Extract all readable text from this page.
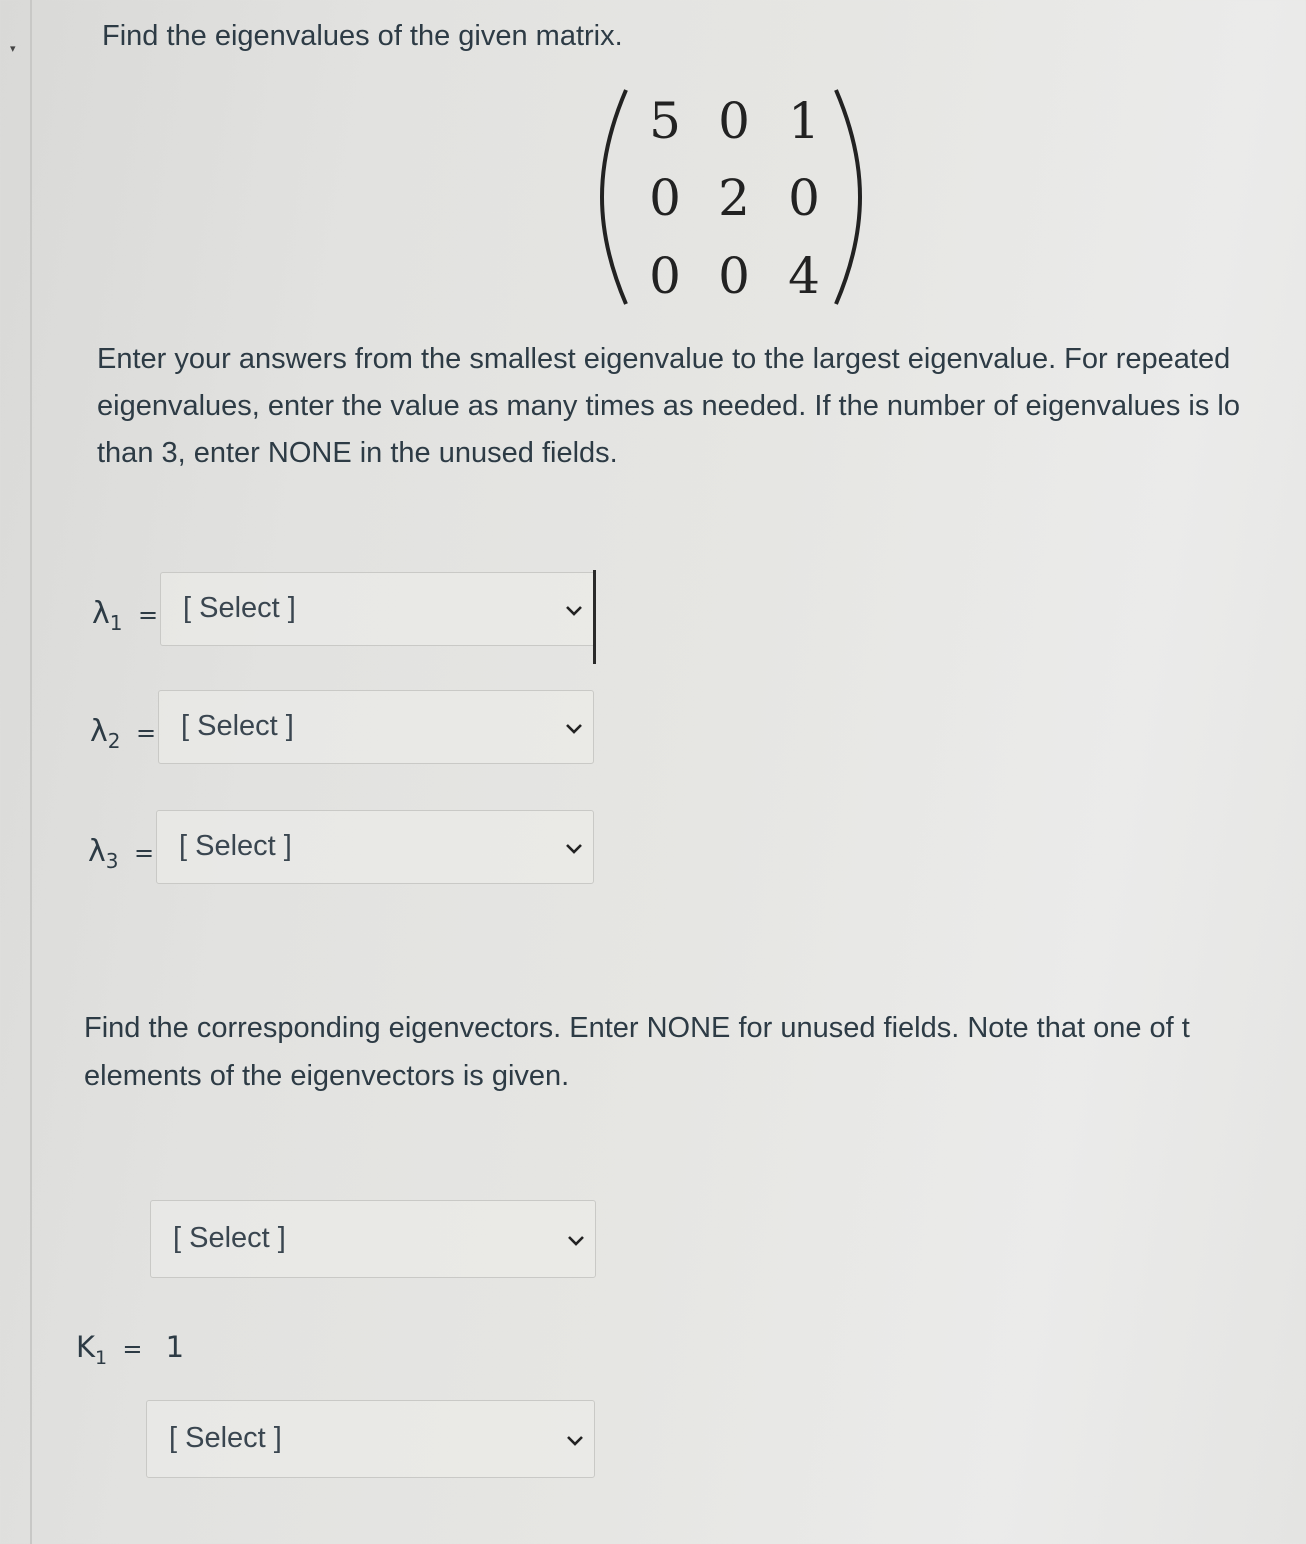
▾	Find the eigenvalues of the given matrix.
5 0 1
0 2 0
0 0 4
Enter your answers from the smallest eigenvalue to the largest eigenvalue. For repeated
eigenvalues, enter the value as many times as needed. If the number of eigenvalues is lo
than 3, enter NONE in the unused fields.
$\lambda_1$ = [ Select ]
$\lambda_2$ = [ Select ]
$\lambda_3$ = [ Select ]
Find the corresponding eigenvectors. Enter NONE for unused fields. Note that one of t
elements of the eigenvectors is given.
[ Select ]
$K_1 = 1$
[ Select ]
